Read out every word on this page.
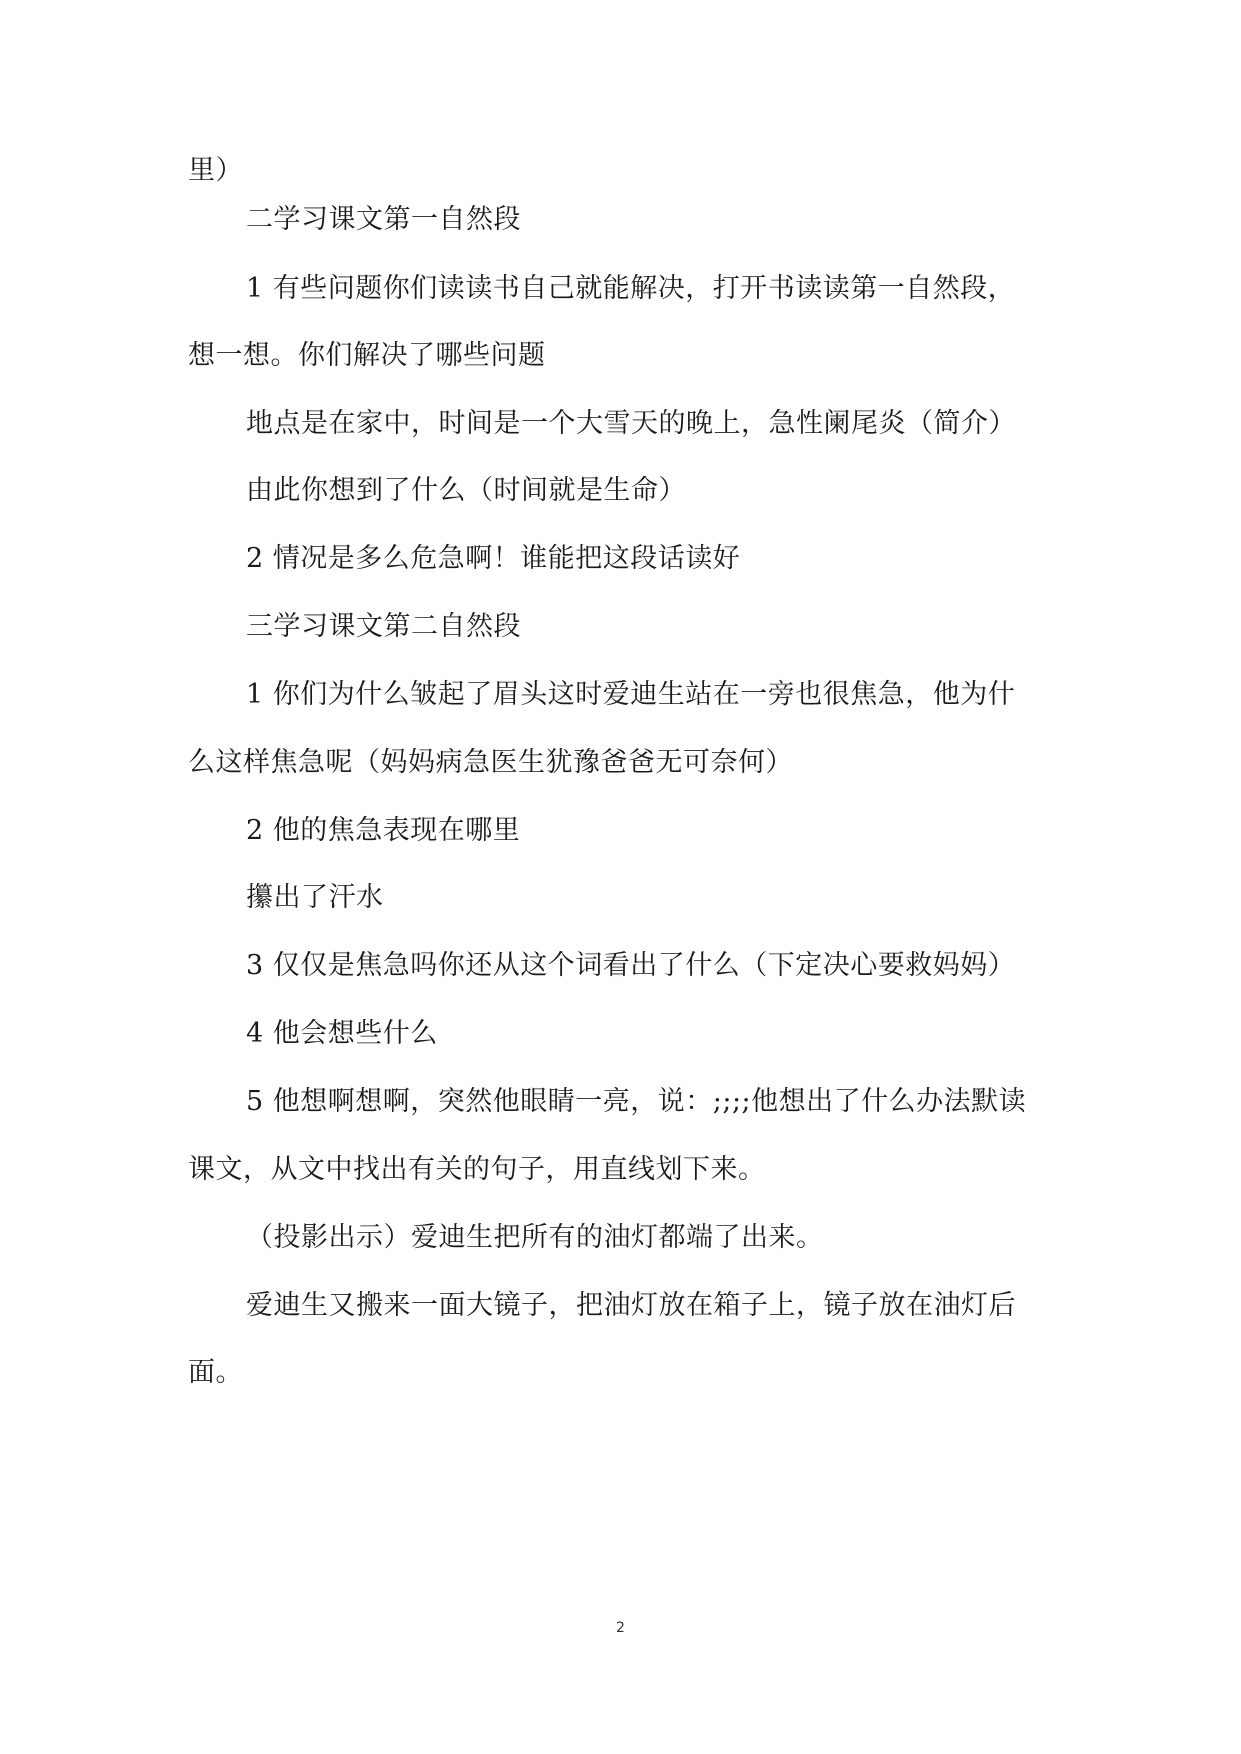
里）
二学习课文第一自然段
1 有些问题你们读读书自己就能解决，打开书读读第一自然段，
想一想。你们解决了哪些问题
地点是在家中，时间是一个大雪天的晚上，急性阑尾炎（简介）
由此你想到了什么（时间就是生命）
2 情况是多么危急啊！谁能把这段话读好
三学习课文第二自然段
1 你们为什么皱起了眉头这时爱迪生站在一旁也很焦急，他为什
么这样焦急呢（妈妈病急医生犹豫爸爸无可奈何）
2 他的焦急表现在哪里
攥出了汗水
3 仅仅是焦急吗你还从这个词看出了什么（下定决心要救妈妈）
4 他会想些什么
5 他想啊想啊，突然他眼睛一亮，说：;;;;他想出了什么办法默读
课文，从文中找出有关的句子，用直线划下来。
（投影出示）爱迪生把所有的油灯都端了出来。
爱迪生又搬来一面大镜子，把油灯放在箱子上，镜子放在油灯后
面。
2
